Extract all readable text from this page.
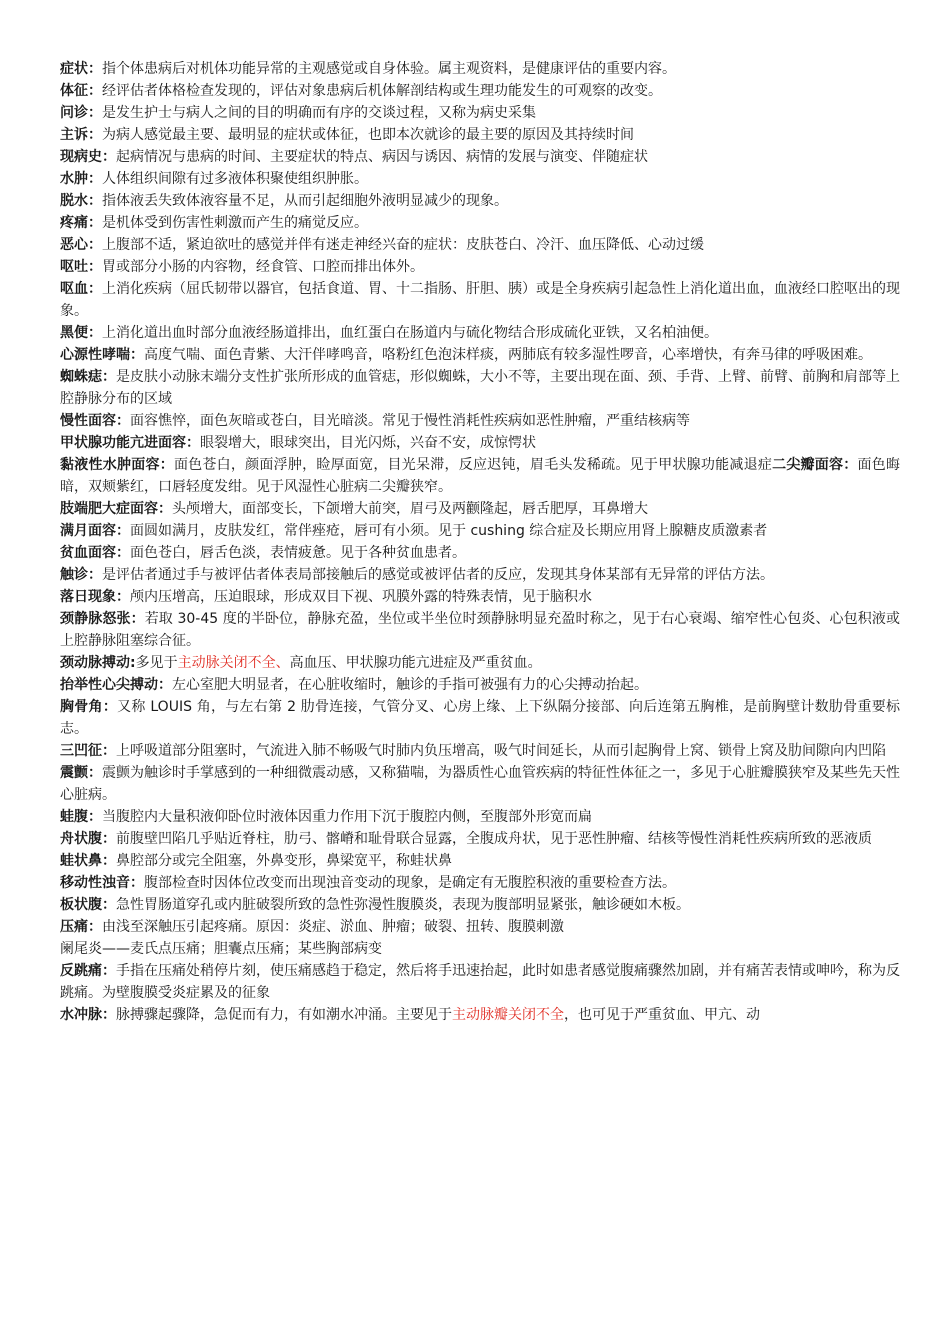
症状：指个体患病后对机体功能异常的主观感觉或自身体验。属主观资料，是健康评估的重要内容。

体征：经评估者体格检查发现的，评估对象患病后机体解剖结构或生理功能发生的可观察的改变。

问诊：是发生护士与病人之间的目的明确而有序的交谈过程，又称为病史采集

主诉：为病人感觉最主要、最明显的症状或体征，也即本次就诊的最主要的原因及其持续时间

现病史：起病情况与患病的时间、主要症状的特点、病因与诱因、病情的发展与演变、伴随症状

水肿：人体组织间隙有过多液体积聚使组织肿胀。

脱水：指体液丢失致体液容量不足，从而引起细胞外液明显减少的现象。

疼痛：是机体受到伤害性刺激而产生的痛觉反应。

恶心：上腹部不适，紧迫欲吐的感觉并伴有迷走神经兴奋的症状：皮肤苍白、冷汗、血压降低、心动过缓

呕吐：胃或部分小肠的内容物，经食管、口腔而排出体外。

呕血：上消化疾病（屈氏韧带以器官，包括食道、胃、十二指肠、肝胆、胰）或是全身疾病引起急性上消化道出血，血液经口腔呕出的现象。

黑便：上消化道出血时部分血液经肠道排出，血红蛋白在肠道内与硫化物结合形成硫化亚铁，又名柏油便。

心源性哮喘：高度气喘、面色青紫、大汗伴哮鸣音，咯粉红色泡沫样痰，两肺底有较多湿性啰音，心率增快，有奔马律的呼吸困难。

蜘蛛痣：是皮肤小动脉末端分支性扩张所形成的血管痣，形似蜘蛛，大小不等，主要出现在面、颈、手背、上臂、前臂、前胸和肩部等上腔静脉分布的区域

慢性面容：面容憔悴，面色灰暗或苍白，目光暗淡。常见于慢性消耗性疾病如恶性肿瘤，严重结核病等

甲状腺功能亢进面容：眼裂增大，眼球突出，目光闪烁，兴奋不安，成惊愕状

黏液性水肿面容：面色苍白，颜面浮肿，睑厚面宽，目光呆滞，反应迟钝，眉毛头发稀疏。见于甲状腺功能减退症二尖瓣面容：面色晦暗，双颊紫红，口唇轻度发绀。见于风湿性心脏病二尖瓣狭窄。

肢端肥大症面容：头颅增大，面部变长，下颌增大前突，眉弓及两颧隆起，唇舌肥厚，耳鼻增大

满月面容：面圆如满月，皮肤发红，常伴痤疮，唇可有小须。见于 cushing 综合症及长期应用肾上腺糖皮质激素者

贫血面容：面色苍白，唇舌色淡，表情疲惫。见于各种贫血患者。

触诊：是评估者通过手与被评估者体表局部接触后的感觉或被评估者的反应，发现其身体某部有无异常的评估方法。

落日现象：颅内压增高，压迫眼球，形成双目下视、巩膜外露的特殊表情，见于脑积水

颈静脉怒张：若取 30-45 度的半卧位，静脉充盈，坐位或半坐位时颈静脉明显充盈时称之，见于右心衰竭、缩窄性心包炎、心包积液或上腔静脉阻塞综合征。

颈动脉搏动:多见于主动脉关闭不全、高血压、甲状腺功能亢进症及严重贫血。

抬举性心尖搏动：左心室肥大明显者，在心脏收缩时，触诊的手指可被强有力的心尖搏动抬起。

胸骨角：又称 LOUIS 角，与左右第 2 肋骨连接，气管分叉、心房上缘、上下纵隔分接部、向后连第五胸椎，是前胸壁计数肋骨重要标志。

三凹征：上呼吸道部分阻塞时，气流进入肺不畅吸气时肺内负压增高，吸气时间延长，从而引起胸骨上窝、锁骨上窝及肋间隙向内凹陷

震颤：震颤为触诊时手掌感到的一种细微震动感，又称猫喘，为器质性心血管疾病的特征性体征之一，多见于心脏瓣膜狭窄及某些先天性心脏病。

蛙腹：当腹腔内大量积液仰卧位时液体因重力作用下沉于腹腔内侧，至腹部外形宽而扁

舟状腹：前腹壁凹陷几乎贴近脊柱，肋弓、髂嵴和耻骨联合显露，全腹成舟状，见于恶性肿瘤、结核等慢性消耗性疾病所致的恶液质

蛙状鼻：鼻腔部分或完全阻塞，外鼻变形，鼻梁宽平，称蛙状鼻

移动性浊音：腹部检查时因体位改变而出现浊音变动的现象，是确定有无腹腔积液的重要检查方法。

板状腹：急性胃肠道穿孔或内脏破裂所致的急性弥漫性腹膜炎，表现为腹部明显紧张，触诊硬如木板。

压痛：由浅至深触压引起疼痛。原因：炎症、淤血、肿瘤；破裂、扭转、腹膜刺激

阑尾炎——麦氏点压痛；胆囊点压痛；某些胸部病变

反跳痛：手指在压痛处稍停片刻，使压痛感趋于稳定，然后将手迅速抬起，此时如患者感觉腹痛骤然加剧，并有痛苦表情或呻吟，称为反跳痛。为壁腹膜受炎症累及的征象

水冲脉：脉搏骤起骤降，急促而有力，有如潮水冲涌。主要见于主动脉瓣关闭不全，也可见于严重贫血、甲亢、动
